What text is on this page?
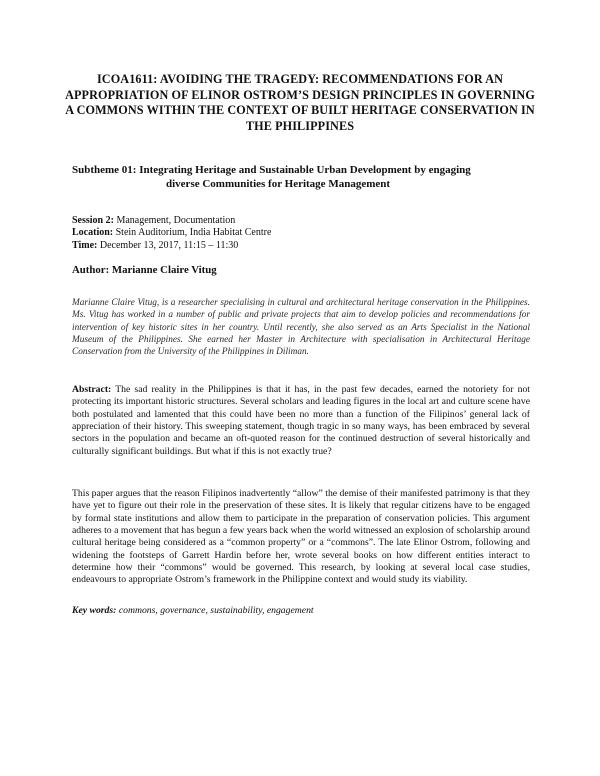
ICOA1611: AVOIDING THE TRAGEDY: RECOMMENDATIONS FOR AN APPROPRIATION OF ELINOR OSTROM’S DESIGN PRINCIPLES IN GOVERNING A COMMONS WITHIN THE CONTEXT OF BUILT HERITAGE CONSERVATION IN THE PHILIPPINES
Subtheme 01: Integrating Heritage and Sustainable Urban Development by engaging
diverse Communities for Heritage Management
Session 2: Management, Documentation
Location: Stein Auditorium, India Habitat Centre
Time: December 13, 2017, 11:15 – 11:30
Author: Marianne Claire Vitug
Marianne Claire Vitug, is a researcher specialising in cultural and architectural heritage conservation in the Philippines. Ms. Vitug has worked in a number of public and private projects that aim to develop policies and recommendations for intervention of key historic sites in her country. Until recently, she also served as an Arts Specialist in the National Museum of the Philippines. She earned her Master in Architecture with specialisation in Architectural Heritage Conservation from the University of the Philippines in Diliman.
Abstract: The sad reality in the Philippines is that it has, in the past few decades, earned the notoriety for not protecting its important historic structures. Several scholars and leading figures in the local art and culture scene have both postulated and lamented that this could have been no more than a function of the Filipinos’ general lack of appreciation of their history. This sweeping statement, though tragic in so many ways, has been embraced by several sectors in the population and became an oft-quoted reason for the continued destruction of several historically and culturally significant buildings. But what if this is not exactly true?
This paper argues that the reason Filipinos inadvertently “allow” the demise of their manifested patrimony is that they have yet to figure out their role in the preservation of these sites. It is likely that regular citizens have to be engaged by formal state institutions and allow them to participate in the preparation of conservation policies. This argument adheres to a movement that has begun a few years back when the world witnessed an explosion of scholarship around cultural heritage being considered as a “common property” or a “commons”. The late Elinor Ostrom, following and widening the footsteps of Garrett Hardin before her, wrote several books on how different entities interact to determine how their “commons” would be governed. This research, by looking at several local case studies, endeavours to appropriate Ostrom’s framework in the Philippine context and would study its viability.
Key words: commons, governance, sustainability, engagement
